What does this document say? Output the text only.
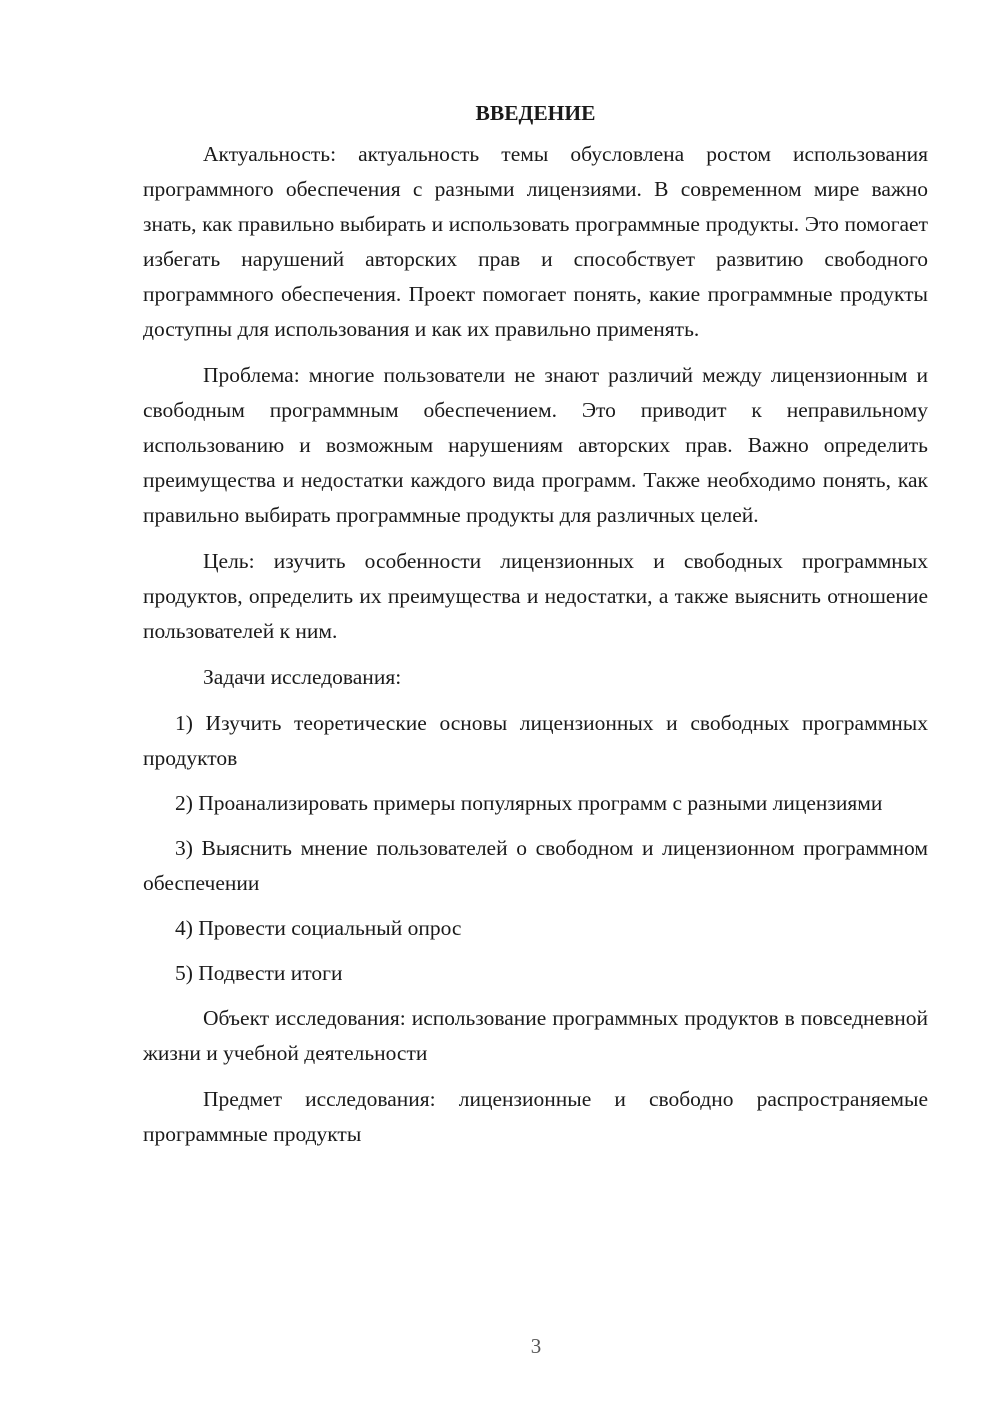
ВВЕДЕНИЕ

Актуальность: актуальность темы обусловлена ростом использования программного обеспечения с разными лицензиями. В современном мире важно знать, как правильно выбирать и использовать программные продукты. Это помогает избегать нарушений авторских прав и способствует развитию свободного программного обеспечения. Проект помогает понять, какие программные продукты доступны для использования и как их правильно применять.

Проблема: многие пользователи не знают различий между лицензионным и свободным программным обеспечением. Это приводит к неправильному использованию и возможным нарушениям авторских прав. Важно определить преимущества и недостатки каждого вида программ. Также необходимо понять, как правильно выбирать программные продукты для различных целей.

Цель: изучить особенности лицензионных и свободных программных продуктов, определить их преимущества и недостатки, а также выяснить отношение пользователей к ним.

Задачи исследования:

1) Изучить теоретические основы лицензионных и свободных программных продуктов

2) Проанализировать примеры популярных программ с разными лицензиями

3) Выяснить мнение пользователей о свободном и лицензионном программном обеспечении

4) Провести социальный опрос

5) Подвести итоги

Объект исследования: использование программных продуктов в повседневной жизни и учебной деятельности

Предмет исследования: лицензионные и свободно распространяемые программные продукты

3
